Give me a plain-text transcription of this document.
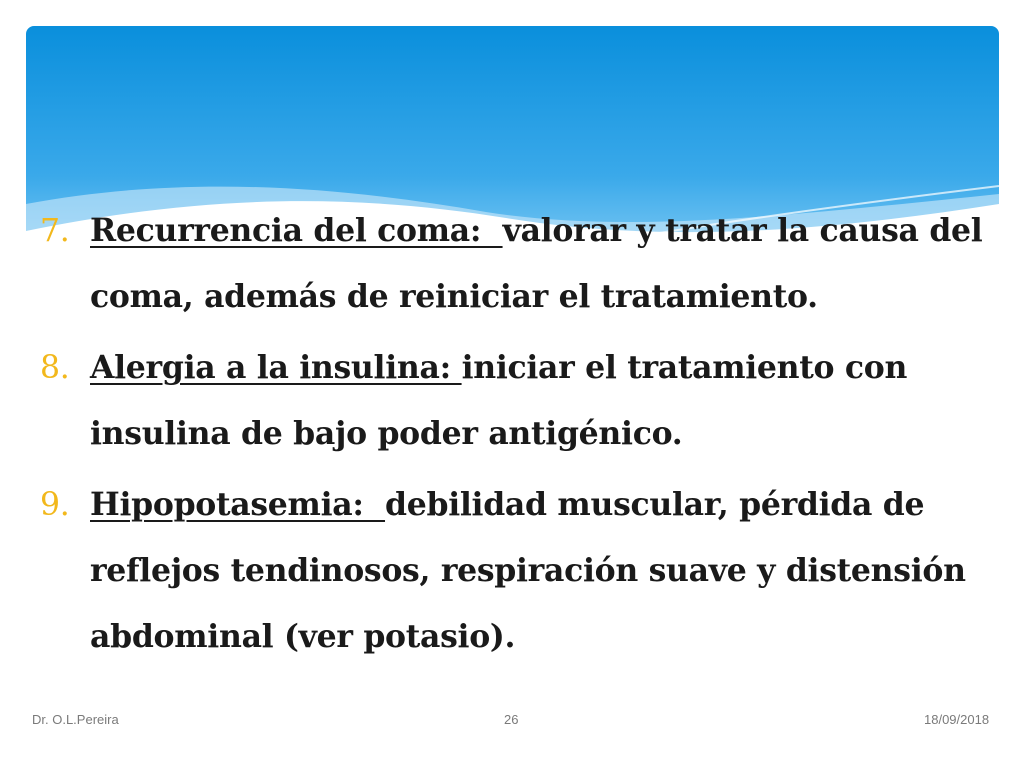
7. Recurrencia del coma:  valorar y tratar la causa del coma, además de reiniciar el tratamiento.
8. Alergia a la insulina: iniciar el tratamiento con insulina de bajo poder antigénico.
9. Hipopotasemia:  debilidad muscular, pérdida de reflejos tendinosos, respiración suave y distensión abdominal (ver potasio).
Dr. O.L.Pereira	26	18/09/2018
